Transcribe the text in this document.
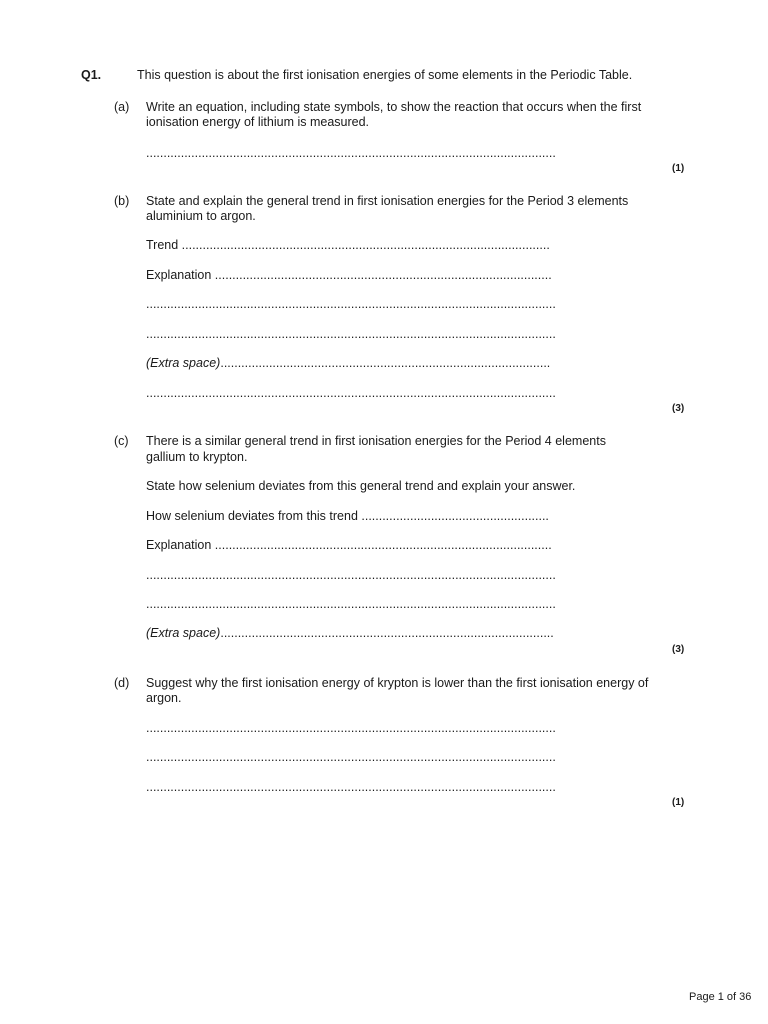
Q1.	This question is about the first ionisation energies of some elements in the Periodic Table.
(a) Write an equation, including state symbols, to show the reaction that occurs when the first
ionisation energy of lithium is measured.
......................................................................................................................
(1)
(b) State and explain the general trend in first ionisation energies for the Period 3 elements
aluminium to argon.
Trend ..........................................................................................................
Explanation .................................................................................................
......................................................................................................................
......................................................................................................................
(Extra space)...............................................................................................
......................................................................................................................
(3)
(c) There is a similar general trend in first ionisation energies for the Period 4 elements
gallium to krypton.
State how selenium deviates from this general trend and explain your answer.
How selenium deviates from this trend ......................................................
Explanation .................................................................................................
......................................................................................................................
......................................................................................................................
(Extra space)................................................................................................
(3)
(d) Suggest why the first ionisation energy of krypton is lower than the first ionisation energy of
argon.
......................................................................................................................
......................................................................................................................
......................................................................................................................
(1)
Page 1 of 36
